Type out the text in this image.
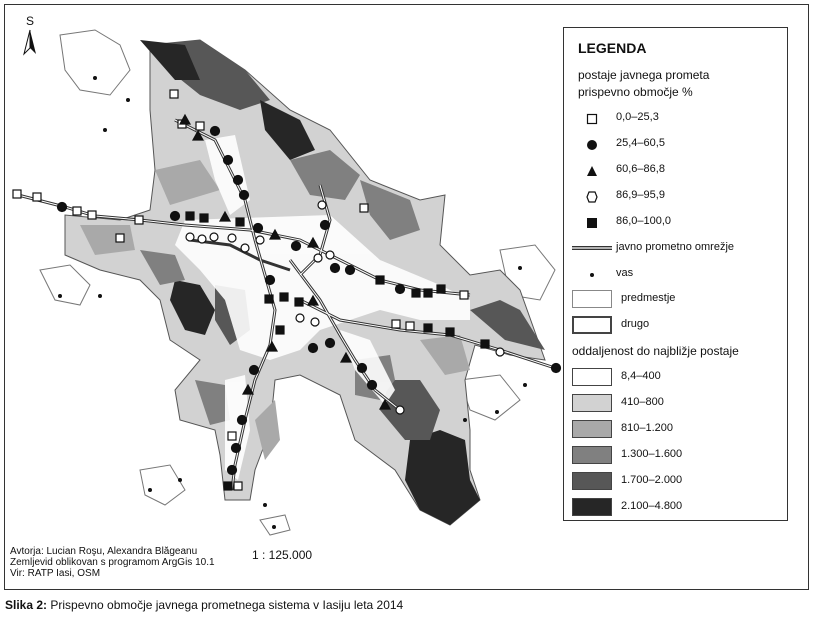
S
LEGENDA
postaje javnega prometa
prispevno območje %
0,0–25,3
25,4–60,5
60,6–86,8
86,9–95,9
86,0–100,0
javno prometno omrežje
vas
predmestje
drugo
oddaljenost do najbližje postaje
8,4–400
410–800
810–1.200
1.300–1.600
1.700–2.000
2.100–4.800
Avtorja: Lucian Roşu, Alexandra Blăgeanu
Zemljevid oblikovan s programom ArgGis 10.1
Vir: RATP Iasi, OSM
1 : 125.000
Slika 2: Prispevno območje javnega prometnega sistema v Iasiju leta 2014
